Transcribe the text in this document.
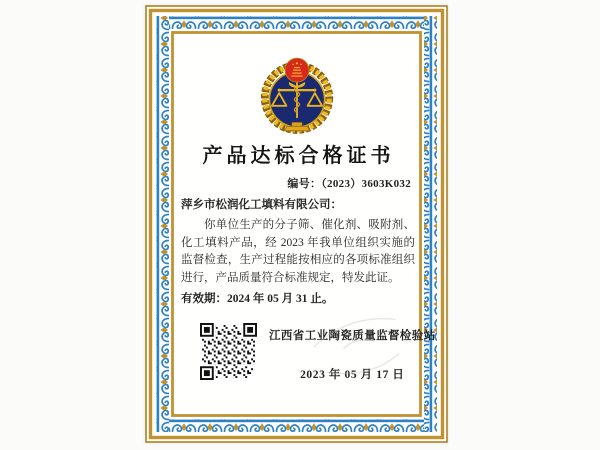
产品达标合格证书
编号：（2023）3603K032
萍乡市松润化工填料有限公司：

你单位生产的分子筛、催化剂、吸附剂、化工填料产品，经 2023 年我单位组织实施的监督检查，生产过程能按相应的各项标准组织进行，产品质量符合标准规定，特发此证。

有效期：2024 年 05 月 31 止。
江西省工业陶瓷质量监督检验站
2023 年 05 月 17 日
